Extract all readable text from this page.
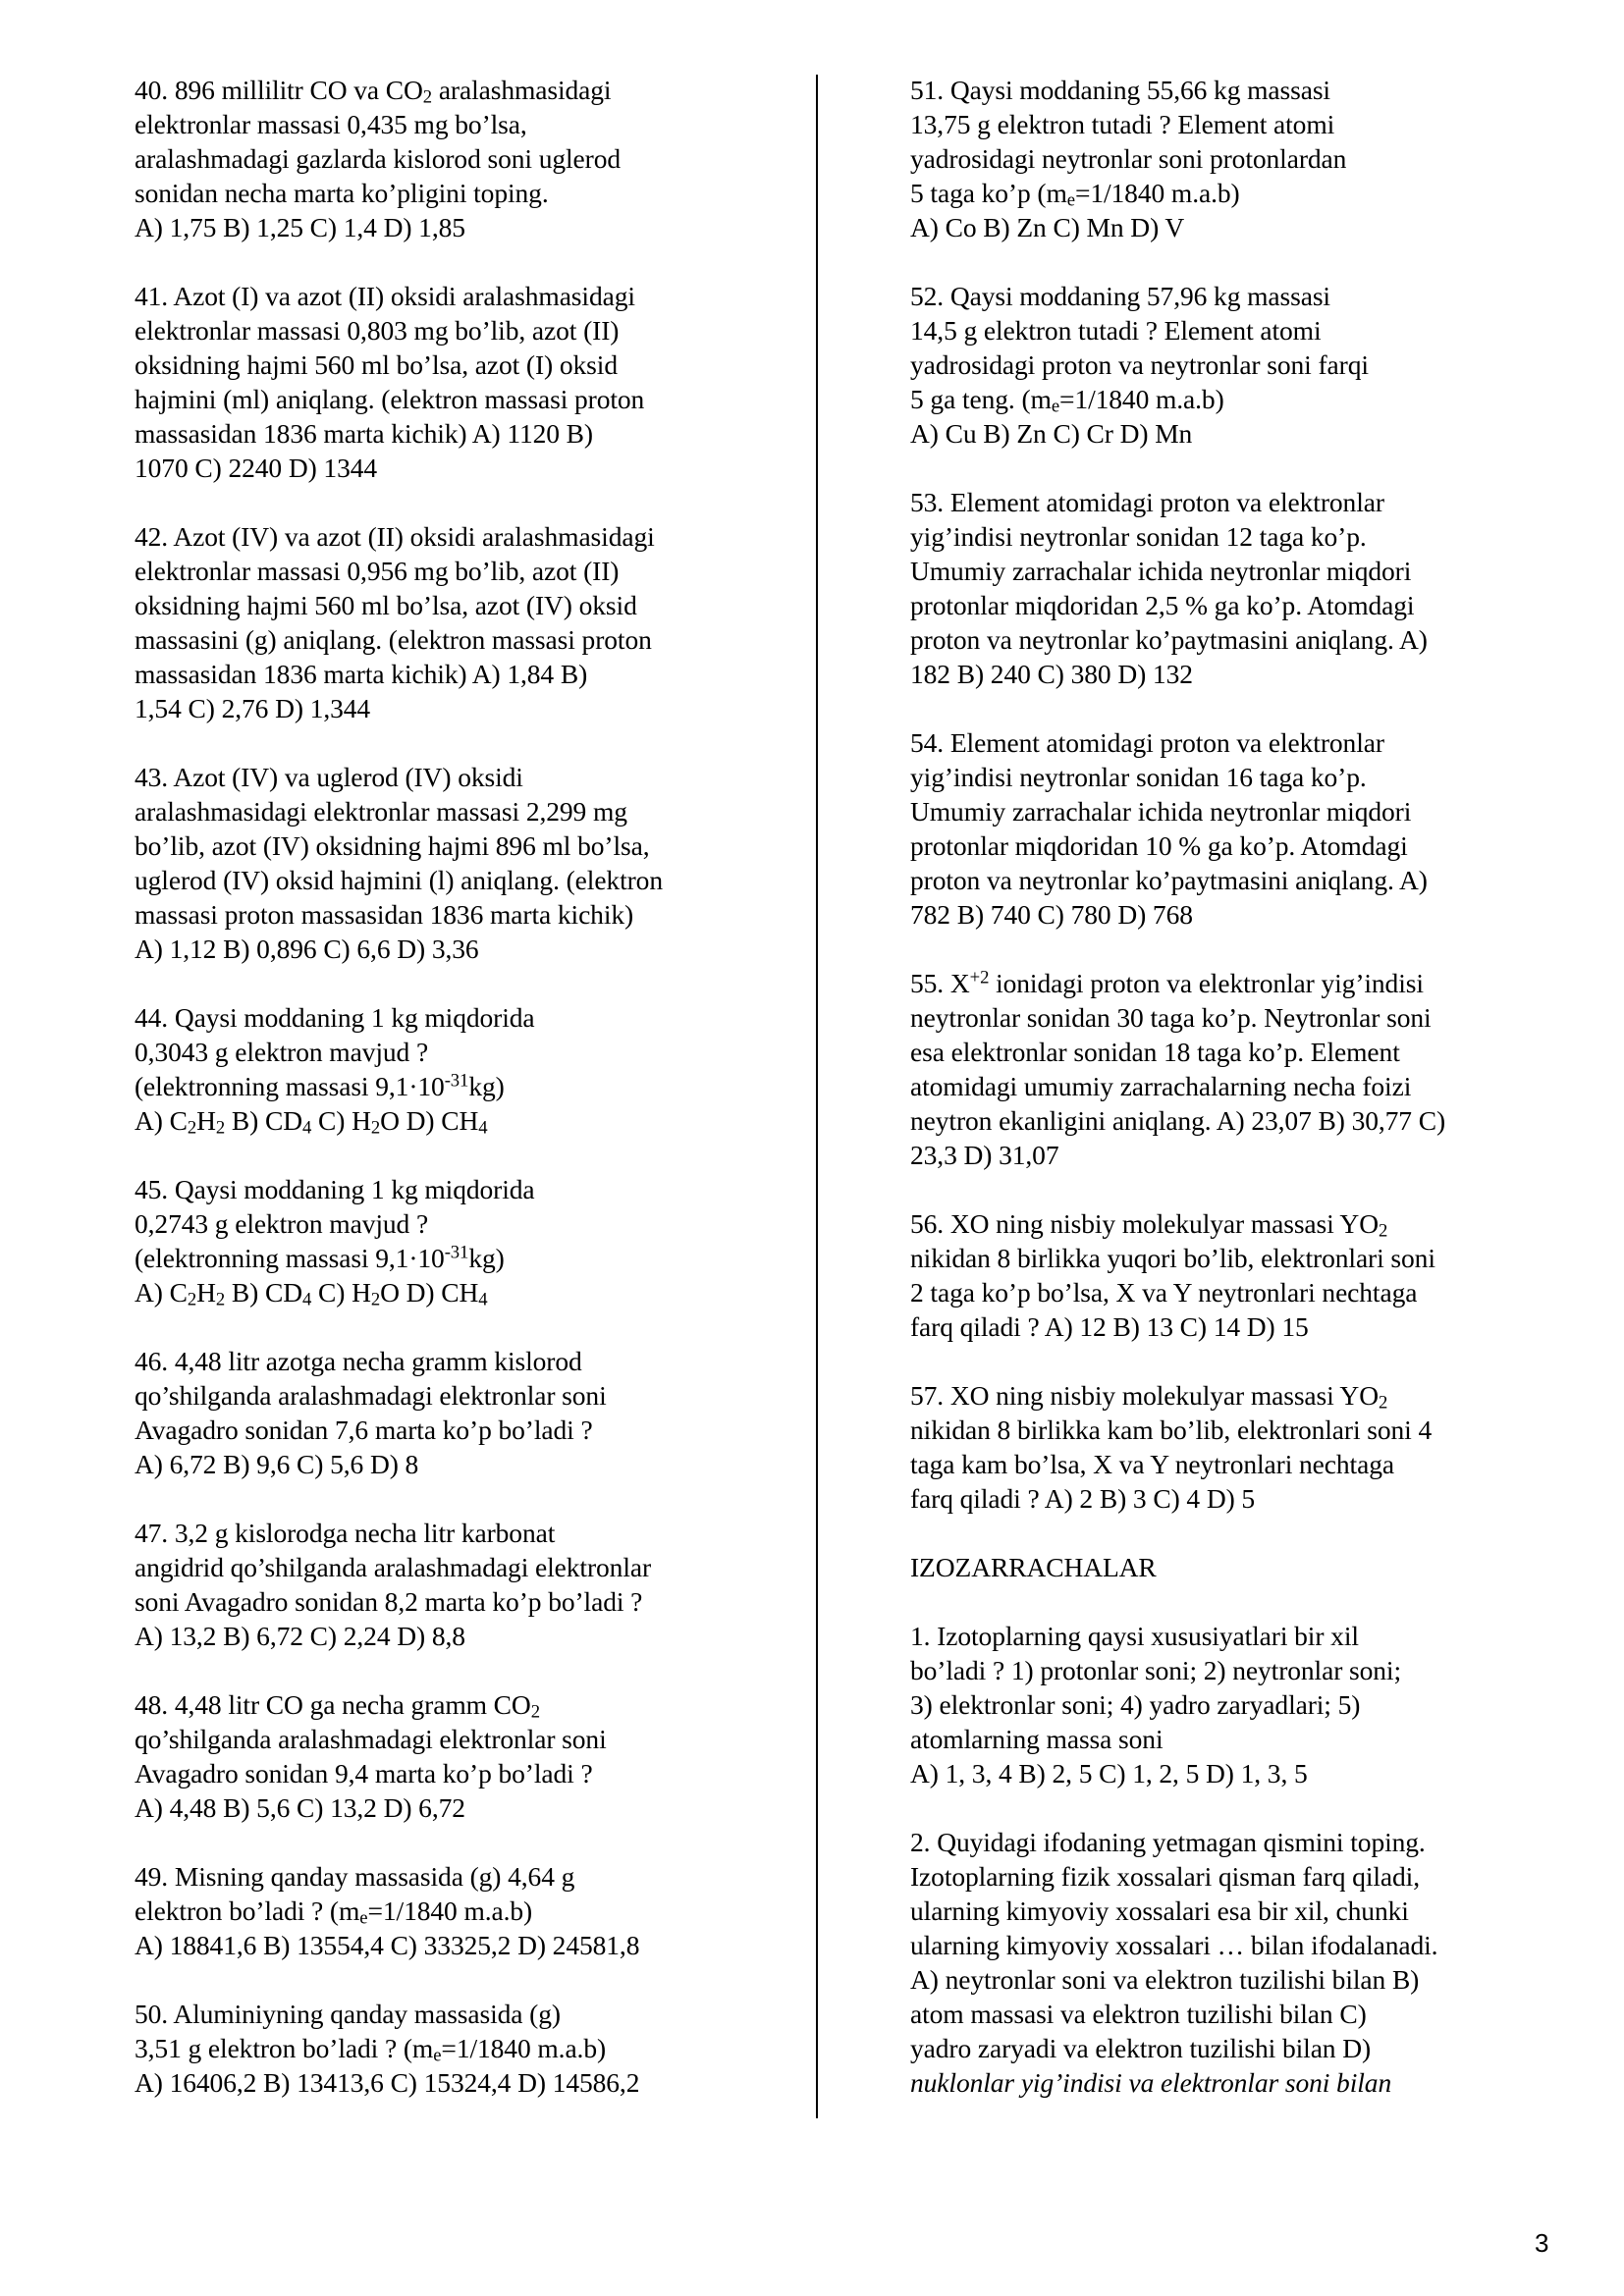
40. 896 millilitr CO va $CO_2$ aralashmasidagi

elektronlar massasi 0,435 mg bo’lsa,

aralashmadagi gazlarda kislorod soni uglerod

sonidan necha marta ko’pligini toping.

A) 1,75 B) 1,25 C) 1,4 D) 1,85

41. Azot (I) va azot (II) oksidi aralashmasidagi

elektronlar massasi 0,803 mg bo’lib, azot (II)

oksidning hajmi 560 ml bo’lsa, azot (I) oksid

hajmini (ml) aniqlang. (elektron massasi proton

massasidan 1836 marta kichik) A) 1120 B)

1070 C) 2240 D) 1344

42. Azot (IV) va azot (II) oksidi aralashmasidagi

elektronlar massasi 0,956 mg bo’lib, azot (II)

oksidning hajmi 560 ml bo’lsa, azot (IV) oksid

massasini (g) aniqlang. (elektron massasi proton

massasidan 1836 marta kichik) A) 1,84 B)

1,54 C) 2,76 D) 1,344

43. Azot (IV) va uglerod (IV) oksidi

aralashmasidagi elektronlar massasi 2,299 mg

bo’lib, azot (IV) oksidning hajmi 896 ml bo’lsa,

uglerod (IV) oksid hajmini (l) aniqlang. (elektron

massasi proton massasidan 1836 marta kichik)

A) 1,12 B) 0,896 C) 6,6 D) 3,36

44. Qaysi moddaning 1 kg miqdorida

0,3043 g elektron mavjud ?

(elektronning massasi $9,1\cdot 10^{-31}kg$)

A) $C_2H_2$ B) $CD_4$ C) $H_2O$ D) $CH_4$

45. Qaysi moddaning 1 kg miqdorida

0,2743 g elektron mavjud ?

(elektronning massasi $9,1\cdot 10^{-31}kg$)

A) $C_2H_2$ B) $CD_4$ C) $H_2O$ D) $CH_4$

46. 4,48 litr azotga necha gramm kislorod

qo’shilganda aralashmadagi elektronlar soni

Avagadro sonidan 7,6 marta ko’p bo’ladi ?

A) 6,72 B) 9,6 C) 5,6 D) 8

47. 3,2 g kislorodga necha litr karbonat

angidrid qo’shilganda aralashmadagi elektronlar

soni Avagadro sonidan 8,2 marta ko’p bo’ladi ?

A) 13,2 B) 6,72 C) 2,24 D) 8,8

48. 4,48 litr CO ga necha gramm $CO_2$

qo’shilganda aralashmadagi elektronlar soni

Avagadro sonidan 9,4 marta ko’p bo’ladi ?

A) 4,48 B) 5,6 C) 13,2 D) 6,72

49. Misning qanday massasida (g) 4,64 g

elektron bo’ladi ? ($m_e=1/1840$ m.a.b)

A) 18841,6 B) 13554,4 C) 33325,2 D) 24581,8

50. Aluminiyning qanday massasida (g)

3,51 g elektron bo’ladi ? ($m_e=1/1840$ m.a.b)

A) 16406,2 B) 13413,6 C) 15324,4 D) 14586,2

51. Qaysi moddaning 55,66 kg massasi

13,75 g elektron tutadi ? Element atomi

yadrosidagi neytronlar soni protonlardan

5 taga ko’p ($m_e=1/1840$ m.a.b)

A) Co B) Zn C) Mn D) V

52. Qaysi moddaning 57,96 kg massasi

14,5 g elektron tutadi ? Element atomi

yadrosidagi proton va neytronlar soni farqi

5 ga teng. ($m_e=1/1840$ m.a.b)

A) Cu B) Zn C) Cr D) Mn

53. Element atomidagi proton va elektronlar

yig’indisi neytronlar sonidan 12 taga ko’p.

Umumiy zarrachalar ichida neytronlar miqdori

protonlar miqdoridan 2,5 % ga ko’p. Atomdagi

proton va neytronlar ko’paytmasini aniqlang. A)

182 B) 240 C) 380 D) 132

54. Element atomidagi proton va elektronlar

yig’indisi neytronlar sonidan 16 taga ko’p.

Umumiy zarrachalar ichida neytronlar miqdori

protonlar miqdoridan 10 % ga ko’p. Atomdagi

proton va neytronlar ko’paytmasini aniqlang. A)

782 B) 740 C) 780 D) 768

55. $X^{+2}$ ionidagi proton va elektronlar yig’indisi

neytronlar sonidan 30 taga ko’p. Neytronlar soni

esa elektronlar sonidan 18 taga ko’p. Element

atomidagi umumiy zarrachalarning necha foizi

neytron ekanligini aniqlang. A) 23,07 B) 30,77 C)

23,3 D) 31,07

56. XO ning nisbiy molekulyar massasi $YO_2$

nikidan 8 birlikka yuqori bo’lib, elektronlari soni

2 taga ko’p bo’lsa, X va Y neytronlari nechtaga

farq qiladi ? A) 12 B) 13 C) 14 D) 15

57. XO ning nisbiy molekulyar massasi $YO_2$

nikidan 8 birlikka kam bo’lib, elektronlari soni 4

taga kam bo’lsa, X va Y neytronlari nechtaga

farq qiladi ? A) 2 B) 3 C) 4 D) 5

IZOZARRACHALAR

1. Izotoplarning qaysi xususiyatlari bir xil

bo’ladi ? 1) protonlar soni; 2) neytronlar soni;

3) elektronlar soni; 4) yadro zaryadlari; 5)

atomlarning massa soni

A) 1, 3, 4 B) 2, 5 C) 1, 2, 5 D) 1, 3, 5

2. Quyidagi ifodaning yetmagan qismini toping.

Izotoplarning fizik xossalari qisman farq qiladi,

ularning kimyoviy xossalari esa bir xil, chunki

ularning kimyoviy xossalari … bilan ifodalanadi.

A) neytronlar soni va elektron tuzilishi bilan B)

atom massasi va elektron tuzilishi bilan C)

yadro zaryadi va elektron tuzilishi bilan D)

nuklonlar yig’indisi va elektronlar soni bilan

3
